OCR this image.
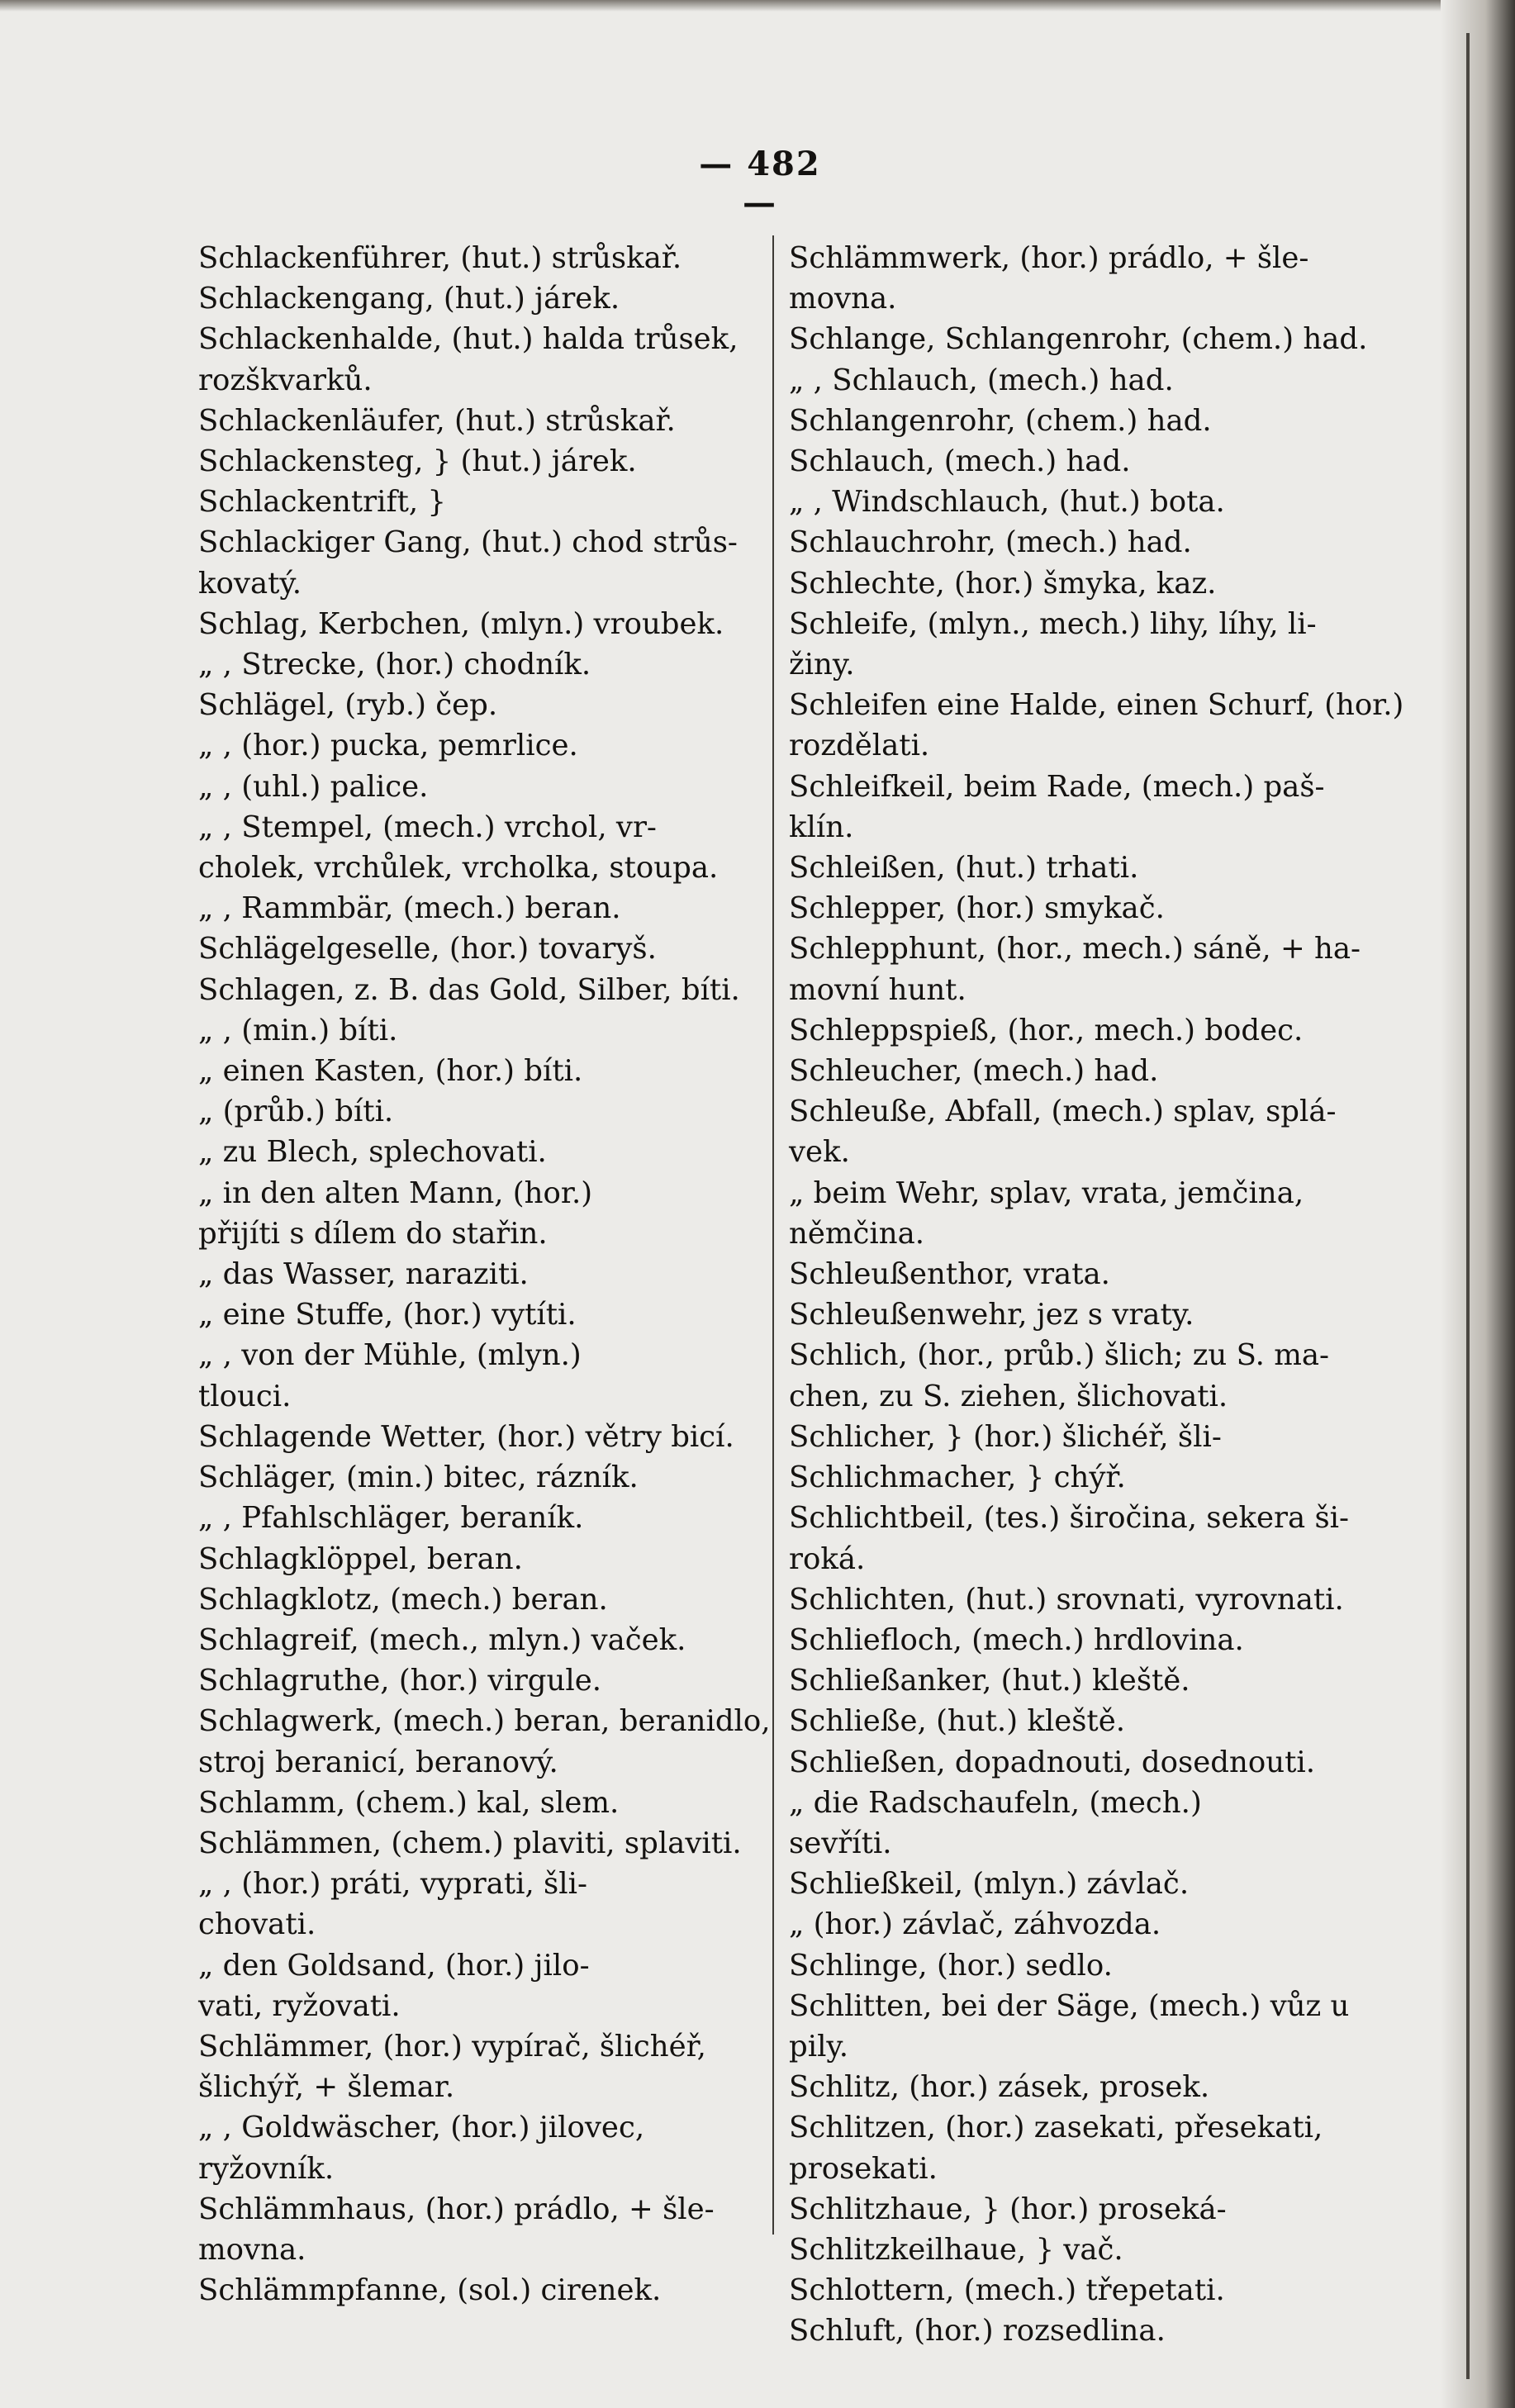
— 482 —
Schlackenführer, (hut.) strůskař.
Schlackengang, (hut.) járek.
Schlackenhalde, (hut.) halda trůsek,
rozškvarků.
Schlackenläufer, (hut.) strůskař.
Schlackensteg, } (hut.) járek.
Schlackentrift, }
Schlackiger Gang, (hut.) chod strůs-
kovatý.
Schlag, Kerbchen, (mlyn.) vroubek.
„ , Strecke, (hor.) chodník.
Schlägel, (ryb.) čep.
„ , (hor.) pucka, pemrlice.
„ , (uhl.) palice.
„ , Stempel, (mech.) vrchol, vr-
cholek, vrchůlek, vrcholka, stoupa.
„ , Rammbär, (mech.) beran.
Schlägelgeselle, (hor.) tovaryš.
Schlagen, z. B. das Gold, Silber, bíti.
„ , (min.) bíti.
„ einen Kasten, (hor.) bíti.
„ (průb.) bíti.
„ zu Blech, splechovati.
„ in den alten Mann, (hor.)
přijíti s dílem do stařin.
„ das Wasser, naraziti.
„ eine Stuffe, (hor.) vytíti.
„ , von der Mühle, (mlyn.)
tlouci.
Schlagende Wetter, (hor.) větry bicí.
Schläger, (min.) bitec, rázník.
„ , Pfahlschläger, beraník.
Schlagklöppel, beran.
Schlagklotz, (mech.) beran.
Schlagreif, (mech., mlyn.) vaček.
Schlagruthe, (hor.) virgule.
Schlagwerk, (mech.) beran, beranidlo,
stroj beranicí, beranový.
Schlamm, (chem.) kal, slem.
Schlämmen, (chem.) plaviti, splaviti.
„ , (hor.) práti, vyprati, šli-
chovati.
„ den Goldsand, (hor.) jilo-
vati, ryžovati.
Schlämmer, (hor.) vypírač, šlichéř,
šlichýř, + šlemar.
„ , Goldwäscher, (hor.) jilovec,
ryžovník.
Schlämmhaus, (hor.) prádlo, + šle-
movna.
Schlämmpfanne, (sol.) cirenek.
Schlämmwerk, (hor.) prádlo, + šle-
movna.
Schlange, Schlangenrohr, (chem.) had.
„ , Schlauch, (mech.) had.
Schlangenrohr, (chem.) had.
Schlauch, (mech.) had.
„ , Windschlauch, (hut.) bota.
Schlauchrohr, (mech.) had.
Schlechte, (hor.) šmyka, kaz.
Schleife, (mlyn., mech.) lihy, líhy, li-
žiny.
Schleifen eine Halde, einen Schurf, (hor.)
rozdělati.
Schleifkeil, beim Rade, (mech.) paš-
klín.
Schleißen, (hut.) trhati.
Schlepper, (hor.) smykač.
Schlepphunt, (hor., mech.) sáně, + ha-
movní hunt.
Schleppspieß, (hor., mech.) bodec.
Schleucher, (mech.) had.
Schleuße, Abfall, (mech.) splav, splá-
vek.
„ beim Wehr, splav, vrata, jemčina,
němčina.
Schleußenthor, vrata.
Schleußenwehr, jez s vraty.
Schlich, (hor., průb.) šlich; zu S. ma-
chen, zu S. ziehen, šlichovati.
Schlicher, } (hor.) šlichéř, šli-
Schlichmacher, } chýř.
Schlichtbeil, (tes.) širočina, sekera ši-
roká.
Schlichten, (hut.) srovnati, vyrovnati.
Schliefloch, (mech.) hrdlovina.
Schließanker, (hut.) kleště.
Schließe, (hut.) kleště.
Schließen, dopadnouti, dosednouti.
„ die Radschaufeln, (mech.)
sevříti.
Schließkeil, (mlyn.) závlač.
„ (hor.) závlač, záhvozda.
Schlinge, (hor.) sedlo.
Schlitten, bei der Säge, (mech.) vůz u
pily.
Schlitz, (hor.) zásek, prosek.
Schlitzen, (hor.) zasekati, přesekati,
prosekati.
Schlitzhaue, } (hor.) proseká-
Schlitzkeilhaue, } vač.
Schlottern, (mech.) třepetati.
Schluft, (hor.) rozsedlina.
